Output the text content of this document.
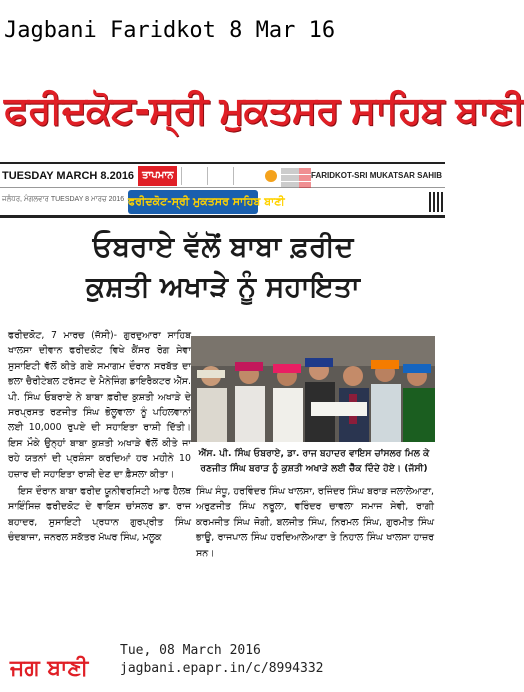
Jagbani Faridkot 8 Mar 16
ਫਰੀਦਕੋਟ-ਸ੍ਰੀ ਮੁਕਤਸਰ ਸਾਹਿਬ ਬਾਣੀ
TUESDAY MARCH 8.2016 ਤਾਪਮਾਨ	FARIDKOT-SRI MUKATSAR SAHIB
ਜਲੰਧਰ, ਮੰਗਲਵਾਰ TUESDAY 8 ਮਾਰਚ 2016 ਫਰੀਦਕੋਟ-ਸ੍ਰੀ ਮੁਕਤਸਰ ਸਾਹਿਬ ਬਾਣੀ
ਓਬਰਾਏ ਵੱਲੋਂ ਬਾਬਾ ਫ਼ਰੀਦ
ਕੁਸ਼ਤੀ ਅਖਾੜੇ ਨੂੰ ਸਹਾਇਤਾ

ਫਰੀਦਕੋਟ, 7 ਮਾਰਚ (ਜੱਸੀ)- ਗੁਰਦੁਆਰਾ ਸਾਹਿਬ ਖਾਲਸਾ ਦੀਵਾਨ ਫਰੀਦਕੋਟ ਵਿਖੇ ਕੈਂਸਰ ਰੋਗ ਸੇਵਾ ਸੁਸਾਇਟੀ ਵੱਲੋਂ ਕੀਤੇ ਗਏ ਸਮਾਗਮ ਦੌਰਾਨ ਸਰਬੱਤ ਦਾ ਭਲਾ ਚੈਰੀਟੇਬਲ ਟਰੱਸਟ ਦੇ ਮੈਨੇਜਿੰਗ ਡਾਇਰੈਕਟਰ ਐੱਸ. ਪੀ. ਸਿੰਘ ਓਬਰਾਏ ਨੇ ਬਾਬਾ ਫ਼ਰੀਦ ਕੁਸ਼ਤੀ ਅਖਾੜੇ ਦੇ ਸਰਪ੍ਰਸਤ ਰਣਜੀਤ ਸਿੰਘ ਭੋਲੂਵਾਲਾ ਨੂੰ ਪਹਿਲਵਾਨਾਂ ਲਈ 10,000 ਰੁਪਏ ਦੀ ਸਹਾਇਤਾ ਰਾਸ਼ੀ ਦਿੱਤੀ। ਇਸ ਮੌਕੇ ਉਨ੍ਹਾਂ ਬਾਬਾ ਕੁਸ਼ਤੀ ਅਖਾੜੇ ਵੱਲੋਂ ਕੀਤੇ ਜਾ ਰਹੇ ਯਤਨਾਂ ਦੀ ਪ੍ਰਸ਼ੰਸਾ ਕਰਦਿਆਂ ਹਰ ਮਹੀਨੇ 10 ਹਜ਼ਾਰ ਦੀ ਸਹਾਇਤਾ ਰਾਸ਼ੀ ਦੇਣ ਦਾ ਫ਼ੈਸਲਾ ਕੀਤਾ।

ਇਸ ਦੌਰਾਨ ਬਾਬਾ ਫਰੀਦ ਯੂਨੀਵਰਸਿਟੀ ਆਫ ਹੈਲਥ ਸਾਇੰਸਿਜ਼ ਫਰੀਦਕੋਟ ਦੇ ਵਾਇਸ ਚਾਂਸਲਰ ਡਾ. ਰਾਜ ਬਹਾਦਰ, ਸੁਸਾਇਟੀ ਪ੍ਰਧਾਨ ਗੁਰਪ੍ਰੀਤ ਸਿੰਘ ਚੰਦਬਾਜਾ, ਜਨਰਲ ਸਕੱਤਰ ਮੱਘਰ ਸਿੰਘ, ਮਲੂਕ

ਐੱਸ. ਪੀ. ਸਿੰਘ ਓਬਰਾਏ, ਡਾ. ਰਾਜ ਬਹਾਦਰ ਵਾਇਸ ਚਾਂਸਲਰ ਮਿਲ ਕੇ ਰਣਜੀਤ ਸਿੰਘ ਬਰਾੜ ਨੂੰ ਕੁਸ਼ਤੀ ਅਖਾੜੇ ਲਈ ਚੈੱਕ ਦਿੰਦੇ ਹੋਏ। (ਜੱਸੀ)

ਸਿੰਘ ਸੰਧੂ, ਹਰਵਿੰਦਰ ਸਿੰਘ ਖਾਲਸਾ, ਰਜਿੰਦਰ ਸਿੰਘ ਬਰਾੜ ਜਲਾਲੇਆਣਾ, ਅਰੁਣਜੀਤ ਸਿੰਘ ਨਰੂਲਾ, ਵਰਿੰਦਰ ਚਾਵਲਾ ਸਮਾਜ ਸੇਵੀ, ਰਾਗੀ ਕਰਮਜੀਤ ਸਿੰਘ ਜੋਗੀ, ਬਲਜੀਤ ਸਿੰਘ, ਨਿਰਮਲ ਸਿੰਘ, ਗੁਰਮੀਤ ਸਿੰਘ ਭਾਊ, ਰਾਜਪਾਲ ਸਿੰਘ ਹਰਦਿਆਲੇਆਣਾ ਤੇ ਨਿਹਾਲ ਸਿੰਘ ਖਾਲਸਾ ਹਾਜ਼ਰ ਸਨ।

ਜਗ ਬਾਣੀ
Tue, 08 March 2016
jagbani.epapr.in/c/8994332
